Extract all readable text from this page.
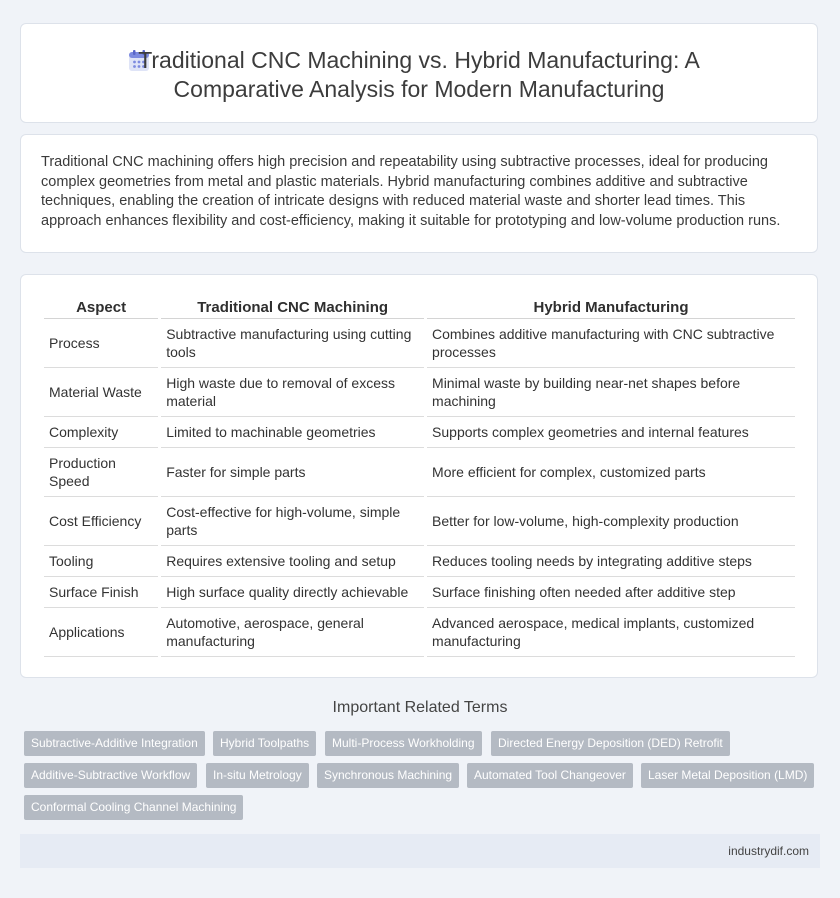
Traditional CNC Machining vs. Hybrid Manufacturing: A
Comparative Analysis for Modern Manufacturing
Traditional CNC machining offers high precision and repeatability using subtractive processes, ideal for producing complex geometries from metal and plastic materials. Hybrid manufacturing combines additive and subtractive techniques, enabling the creation of intricate designs with reduced material waste and shorter lead times. This approach enhances flexibility and cost-efficiency, making it suitable for prototyping and low-volume production runs.
Aspect	Traditional CNC Machining	Hybrid Manufacturing
Process	Subtractive manufacturing using cutting tools	Combines additive manufacturing with CNC subtractive processes
Material Waste	High waste due to removal of excess material	Minimal waste by building near-net shapes before machining
Complexity	Limited to machinable geometries	Supports complex geometries and internal features
Production Speed	Faster for simple parts	More efficient for complex, customized parts
Cost Efficiency	Cost-effective for high-volume, simple parts	Better for low-volume, high-complexity production
Tooling	Requires extensive tooling and setup	Reduces tooling needs by integrating additive steps
Surface Finish	High surface quality directly achievable	Surface finishing often needed after additive step
Applications	Automotive, aerospace, general manufacturing	Advanced aerospace, medical implants, customized manufacturing
Important Related Terms
Subtractive-Additive Integration	Hybrid Toolpaths	Multi-Process Workholding	Directed Energy Deposition (DED) Retrofit
Additive-Subtractive Workflow	In-situ Metrology	Synchronous Machining	Automated Tool Changeover	Laser Metal Deposition (LMD)
Conformal Cooling Channel Machining
industrydif.com
